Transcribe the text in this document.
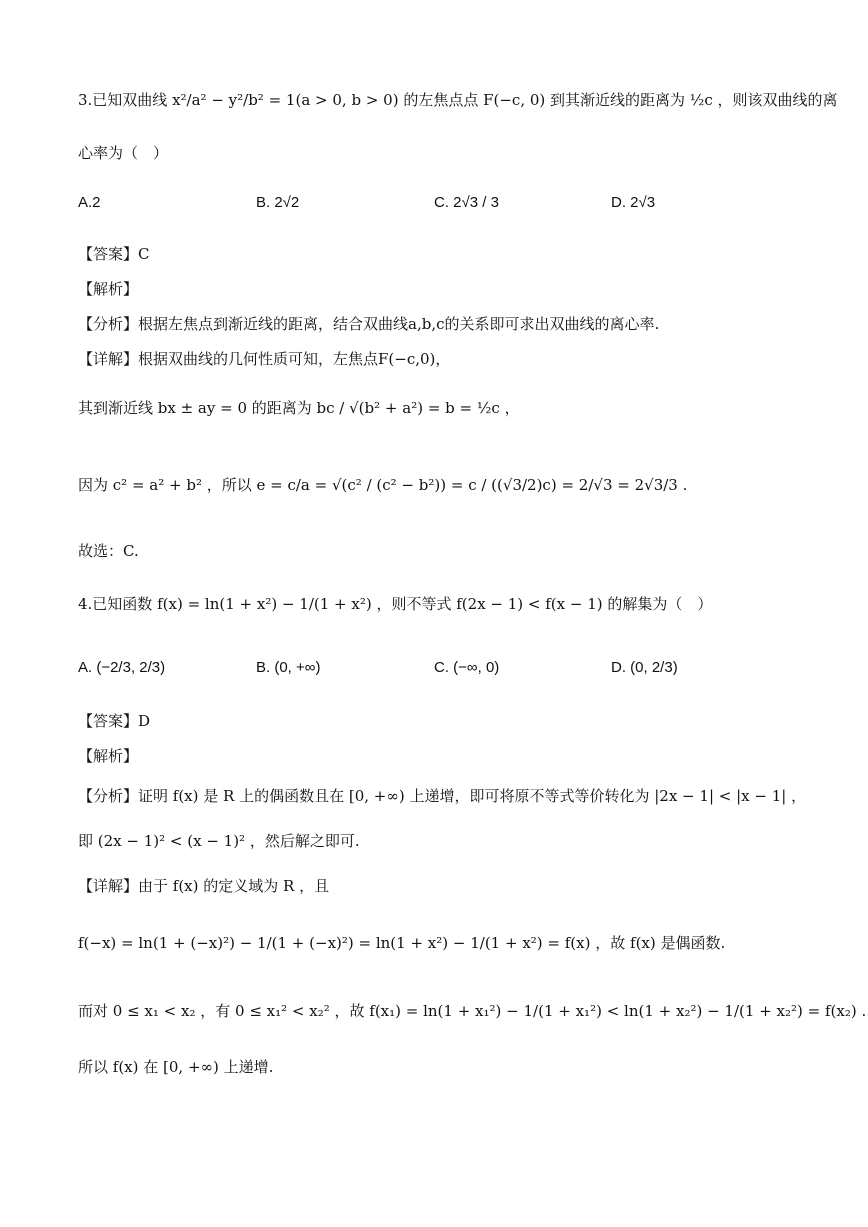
3.已知双曲线 x²/a² − y²/b² = 1(a > 0, b > 0) 的左焦点点 F(−c, 0) 到其渐近线的距离为 ½c ，则该双曲线的离
心率为（　）
A.2	B. 2√2	C. 2√3 / 3	D. 2√3
【答案】C
【解析】
【分析】根据左焦点到渐近线的距离，结合双曲线a,b,c的关系即可求出双曲线的离心率.
【详解】根据双曲线的几何性质可知，左焦点F(−c,0)，
其到渐近线 bx ± ay = 0 的距离为 bc / √(b² + a²) = b = ½c ，
因为 c² = a² + b² ，所以 e = c/a = √(c² / (c² − b²)) = c / ((√3/2)c) = 2/√3 = 2√3/3 .
故选：C.
4.已知函数 f(x) = ln(1 + x²) − 1/(1 + x²) ，则不等式 f(2x − 1) < f(x − 1) 的解集为（　）
A. (−2/3, 2/3)	B. (0, +∞)	C. (−∞, 0)	D. (0, 2/3)
【答案】D
【解析】
【分析】证明 f(x) 是 R 上的偶函数且在 [0, +∞) 上递增，即可将原不等式等价转化为 |2x − 1| < |x − 1| ，
即 (2x − 1)² < (x − 1)² ，然后解之即可.
【详解】由于 f(x) 的定义域为 R ，且
f(−x) = ln(1 + (−x)²) − 1/(1 + (−x)²) = ln(1 + x²) − 1/(1 + x²) = f(x) ，故 f(x) 是偶函数.
而对 0 ≤ x₁ < x₂ ，有 0 ≤ x₁² < x₂² ，故 f(x₁) = ln(1 + x₁²) − 1/(1 + x₁²) < ln(1 + x₂²) − 1/(1 + x₂²) = f(x₂) .
所以 f(x) 在 [0, +∞) 上递增.
